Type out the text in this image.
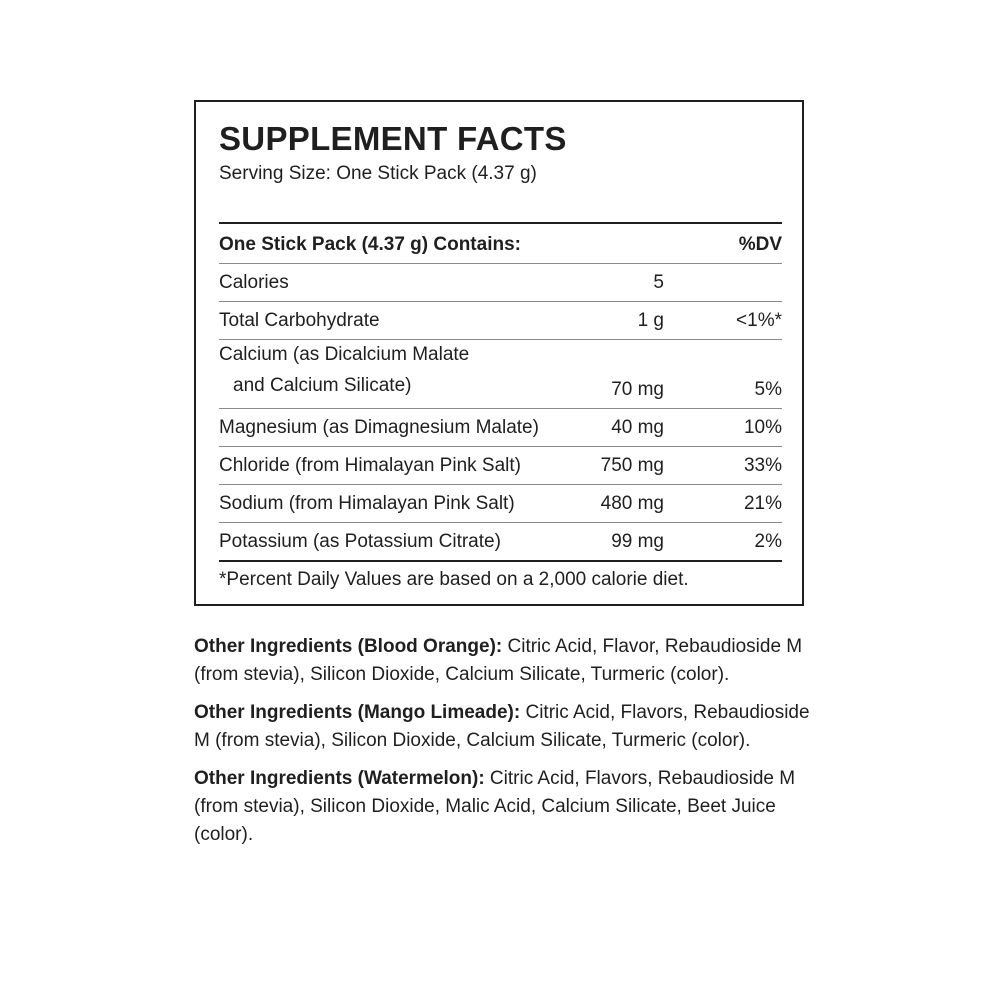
SUPPLEMENT FACTS
Serving Size: One Stick Pack (4.37 g)
One Stick Pack (4.37 g) Contains:	%DV
Calories	5
Total Carbohydrate	1 g	<1%*
Calcium (as Dicalcium Malate
and Calcium Silicate)	70 mg	5%
Magnesium (as Dimagnesium Malate)	40 mg	10%
Chloride (from Himalayan Pink Salt)	750 mg	33%
Sodium (from Himalayan Pink Salt)	480 mg	21%
Potassium (as Potassium Citrate)	99 mg	2%
*Percent Daily Values are based on a 2,000 calorie diet.
Other Ingredients (Blood Orange): Citric Acid, Flavor, Rebaudioside M (from stevia), Silicon Dioxide, Calcium Silicate, Turmeric (color).
Other Ingredients (Mango Limeade): Citric Acid, Flavors, Rebaudioside M (from stevia), Silicon Dioxide, Calcium Silicate, Turmeric (color).
Other Ingredients (Watermelon): Citric Acid, Flavors, Rebaudioside M (from stevia), Silicon Dioxide, Malic Acid, Calcium Silicate, Beet Juice (color).
